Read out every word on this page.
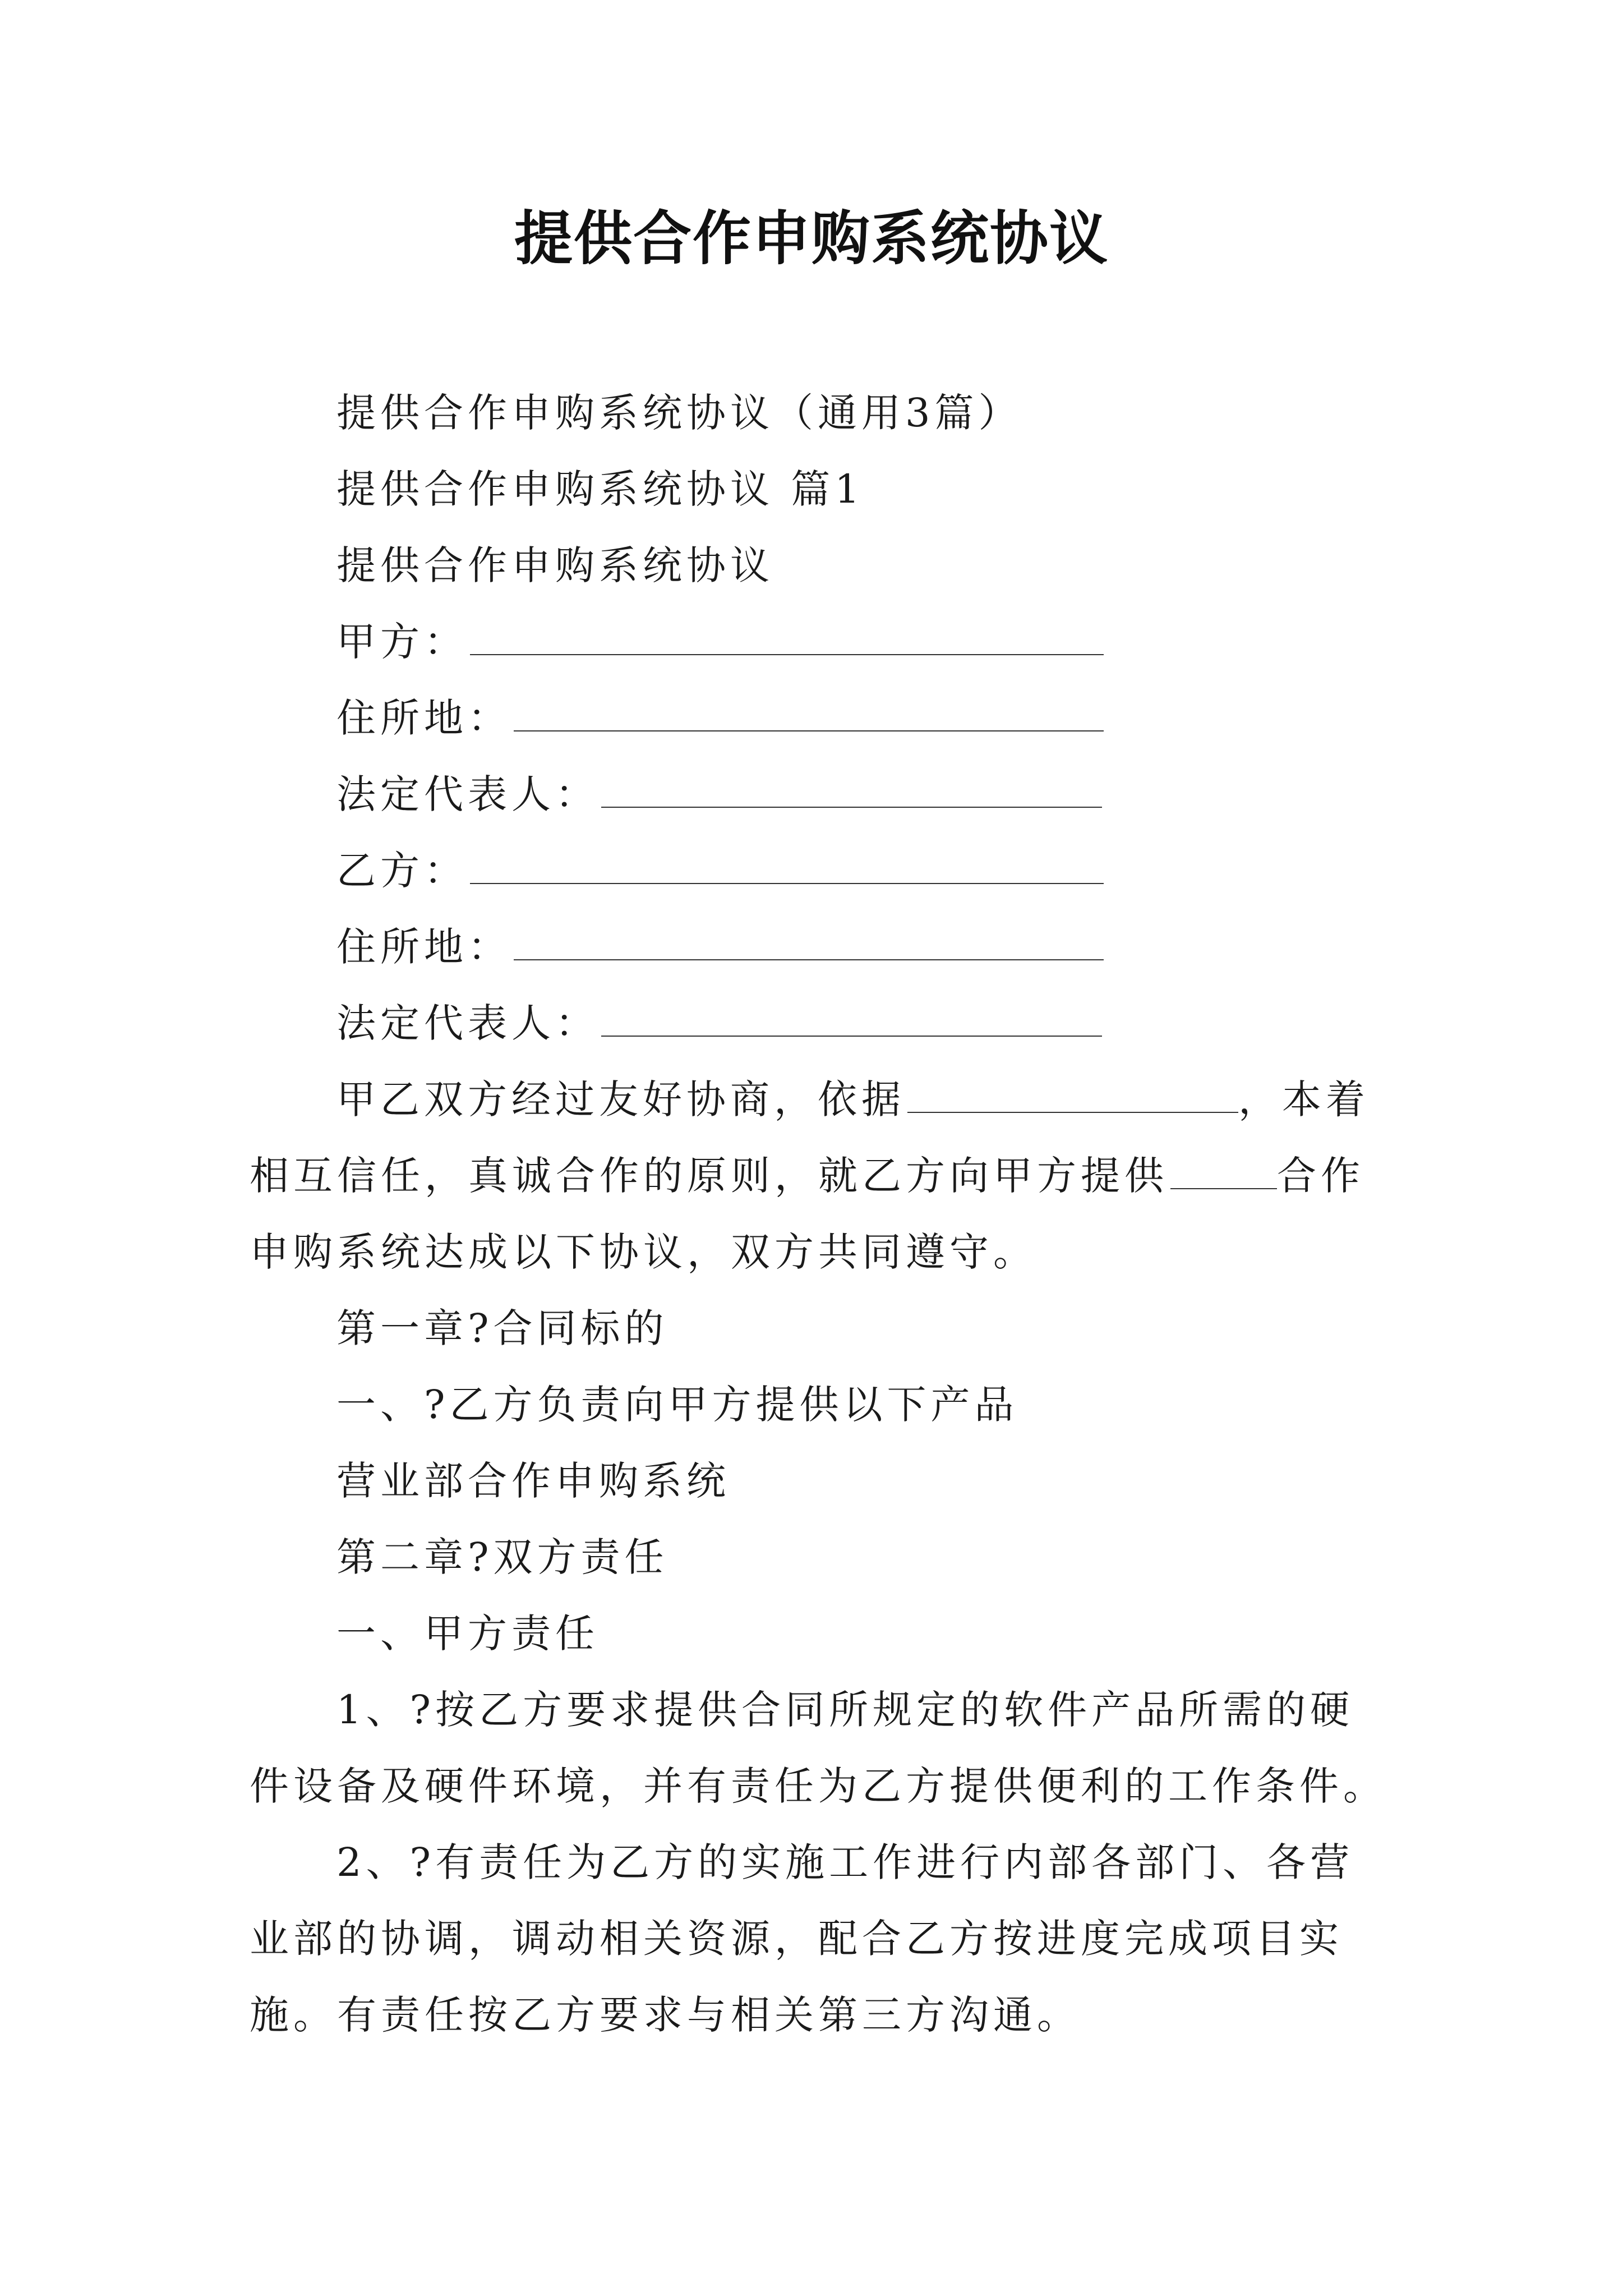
提供合作申购系统协议

提供合作申购系统协议（通用3篇）

提供合作申购系统协议 篇1

提供合作申购系统协议

甲方：

住所地：

法定代表人：

乙方：

住所地：

法定代表人：

甲乙双方经过友好协商，依据	，本着相互信任，真诚合作的原则，就乙方向甲方提供	合作申购系统达成以下协议，双方共同遵守。

第一章?合同标的

一、?乙方负责向甲方提供以下产品

营业部合作申购系统

第二章?双方责任

一、甲方责任

1、?按乙方要求提供合同所规定的软件产品所需的硬件设备及硬件环境，并有责任为乙方提供便利的工作条件。

2、?有责任为乙方的实施工作进行内部各部门、各营业部的协调，调动相关资源，配合乙方按进度完成项目实施。有责任按乙方要求与相关第三方沟通。
